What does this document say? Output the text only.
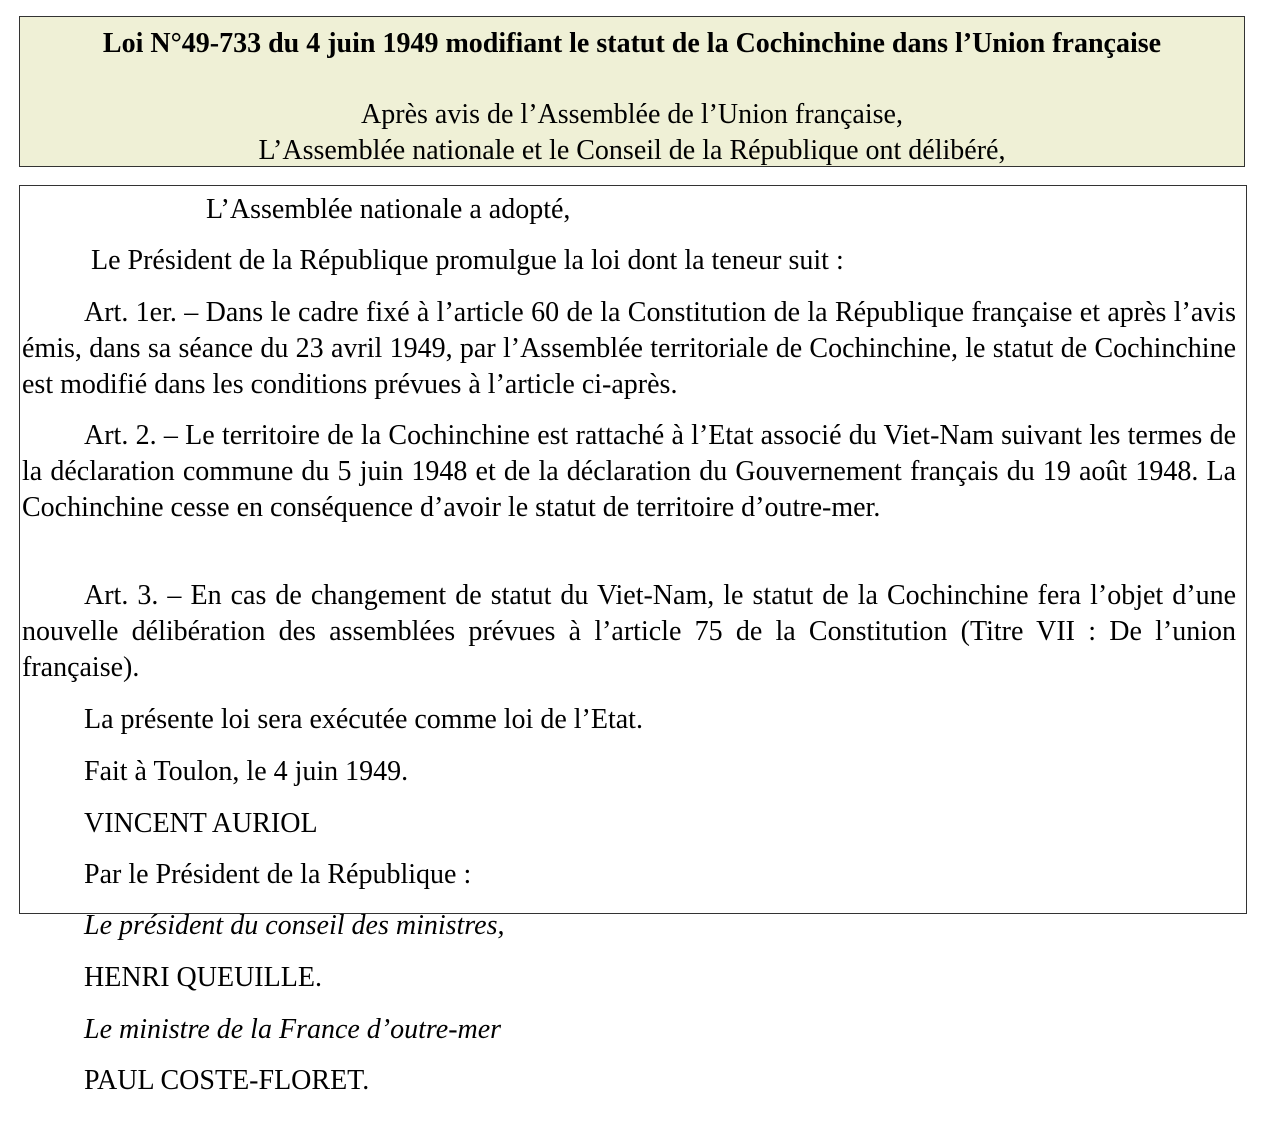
Loi N°49-733 du 4 juin 1949 modifiant le statut de la Cochinchine dans l’Union française
Après avis de l’Assemblée de l’Union française,
L’Assemblée nationale et le Conseil de la République ont délibéré,
L’Assemblée nationale a adopté,
Le Président de la République promulgue la loi dont la teneur suit :
Art. 1er. – Dans le cadre fixé à l’article 60 de la Constitution de la République française et après l’avis émis, dans sa séance du 23 avril 1949, par l’Assemblée territoriale de Cochinchine, le statut de Cochinchine est modifié dans les conditions prévues à l’article ci-après.
Art. 2. – Le territoire de la Cochinchine est rattaché à l’Etat associé du Viet-Nam suivant les termes de la déclaration commune du 5 juin 1948 et de la déclaration du Gouvernement français du 19 août 1948. La Cochinchine cesse en conséquence d’avoir le statut de territoire d’outre-mer.
Art. 3. – En cas de changement de statut du Viet-Nam, le statut de la Cochinchine fera l’objet d’une nouvelle délibération des assemblées prévues à l’article 75 de la Constitution (Titre VII : De l’union française).
La présente loi sera exécutée comme loi de l’Etat.
Fait à Toulon, le 4 juin 1949.
VINCENT AURIOL
Par le Président de la République :
Le président du conseil des ministres,
HENRI QUEUILLE.
Le ministre de la France d’outre-mer
PAUL COSTE-FLORET.
